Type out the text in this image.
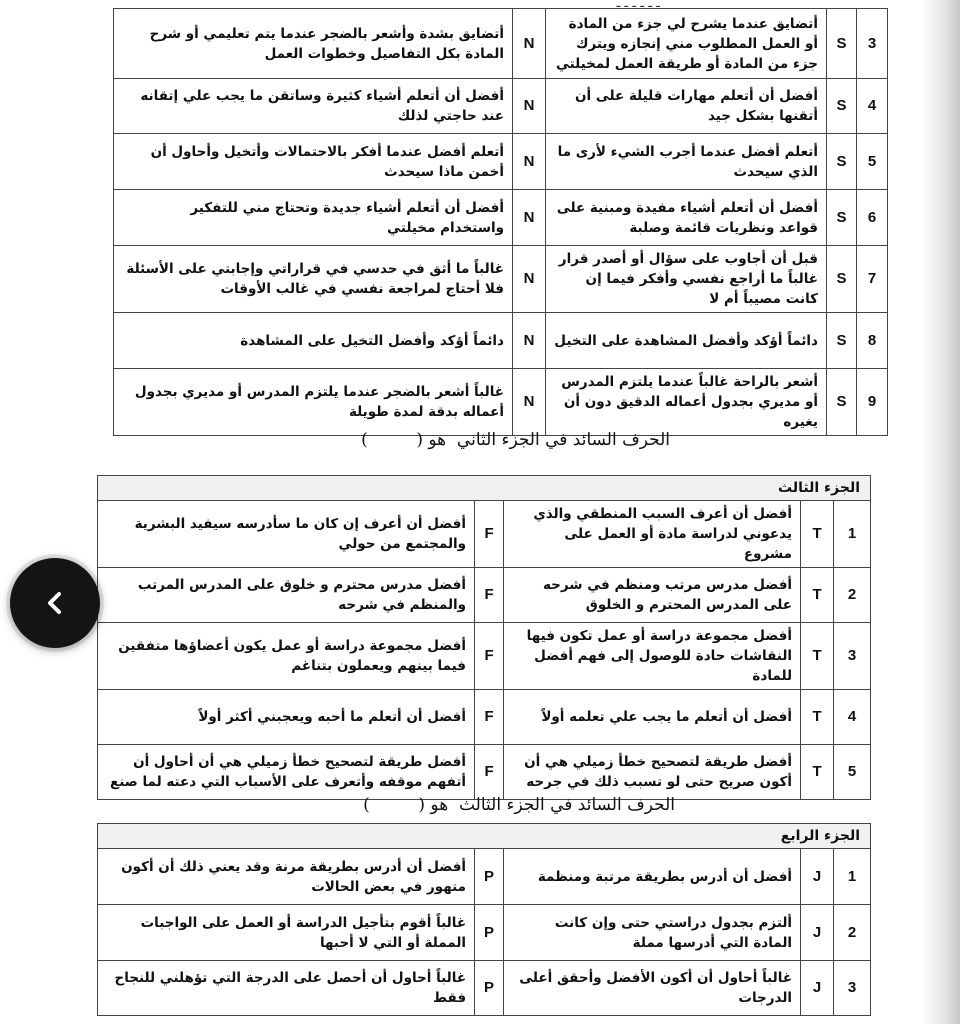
ـ ـ ـ ـ ـ ـ
3	S	أتضايق عندما يشرح لي جزء من المادة أو العمل المطلوب مني إنجازه ويترك جزء من المادة أو طريقة العمل لمخيلتي	N	أتضايق بشدة وأشعر بالضجر عندما يتم تعليمي أو شرح المادة بكل التفاصيل وخطوات العمل
4	S	أفضل أن أتعلم مهارات قليلة على أن أتقنها بشكل جيد	N	أفضل أن أتعلم أشياء كثيرة وساتقن ما يجب علي إتقانه عند حاجتي لذلك
5	S	أتعلم أفضل عندما أجرب الشيء لأرى ما الذي سيحدث	N	أتعلم أفضل عندما أفكر بالاحتمالات وأتخيل وأحاول أن أخمن ماذا سيحدث
6	S	أفضل أن أتعلم أشياء مفيدة ومبنية على قواعد ونظريات قائمة وصلبة	N	أفضل أن أتعلم أشياء جديدة وتحتاج مني للتفكير واستخدام مخيلتي
7	S	قبل أن أجاوب على سؤال أو أصدر قرار غالباً ما أراجع نفسي وأفكر فيما إن كانت مصيباً أم لا	N	غالباً ما أثق في حدسي في قراراتي وإجابتي على الأسئلة فلا أحتاج لمراجعة نفسي في غالب الأوقات
8	S	دائماً أؤكد وأفضل المشاهدة على التخيل	N	دائماً أؤكد وأفضل التخيل على المشاهدة
9	S	أشعر بالراحة غالباً عندما يلتزم المدرس أو مديري بجدول أعماله الدقيق دون أن يغيره	N	غالباً أشعر بالضجر عندما يلتزم المدرس أو مديري بجدول أعماله بدقة لمدة طويلة
الحرف السائد في الجزء الثاني  هو (         )
الجزء الثالث				
1	T	أفضل أن أعرف السبب المنطقي والذي يدعوني لدراسة مادة أو العمل على مشروع	F	أفضل أن أعرف إن كان ما سأدرسه سيفيد البشرية والمجتمع من حولي
2	T	أفضل مدرس مرتب ومنظم في شرحه على المدرس المحترم و الخلوق	F	أفضل مدرس محترم و خلوق على المدرس المرتب والمنظم في شرحه
3	T	أفضل مجموعة دراسة أو عمل تكون فيها النقاشات حادة للوصول إلى فهم أفضل للمادة	F	أفضل مجموعة دراسة أو عمل يكون أعضاؤها متفقين فيما بينهم ويعملون بتناغم
4	T	أفضل أن أتعلم ما يجب علي تعلمه أولاً	F	أفضل أن أتعلم ما أحبه ويعجبني أكثر أولاً
5	T	أفضل طريقة لتصحيح خطأ زميلي هي أن أكون صريح حتى لو تسبب ذلك في جرحه	F	أفضل طريقة لتصحيح خطأ زميلي هي أن أحاول أن أتفهم موقفه وأتعرف على الأسباب التي دعته لما صنع
الحرف السائد في الجزء الثالث  هو (         )
الجزء الرابع				
1	J	أفضل أن أدرس بطريقة مرتبة ومنظمة	P	أفضل أن أدرس بطريقة مرنة وقد يعني ذلك أن أكون متهور في بعض الحالات
2	J	ألتزم بجدول دراستي حتى وإن كانت المادة التي أدرسها مملة	P	غالباً أقوم بتأجيل الدراسة أو العمل على الواجبات المملة أو التي لا أحبها
3	J	غالباً أحاول أن أكون الأفضل وأحقق أعلى الدرجات	P	غالباً أحاول أن أحصل على الدرجة التي تؤهلني للنجاح فقط
